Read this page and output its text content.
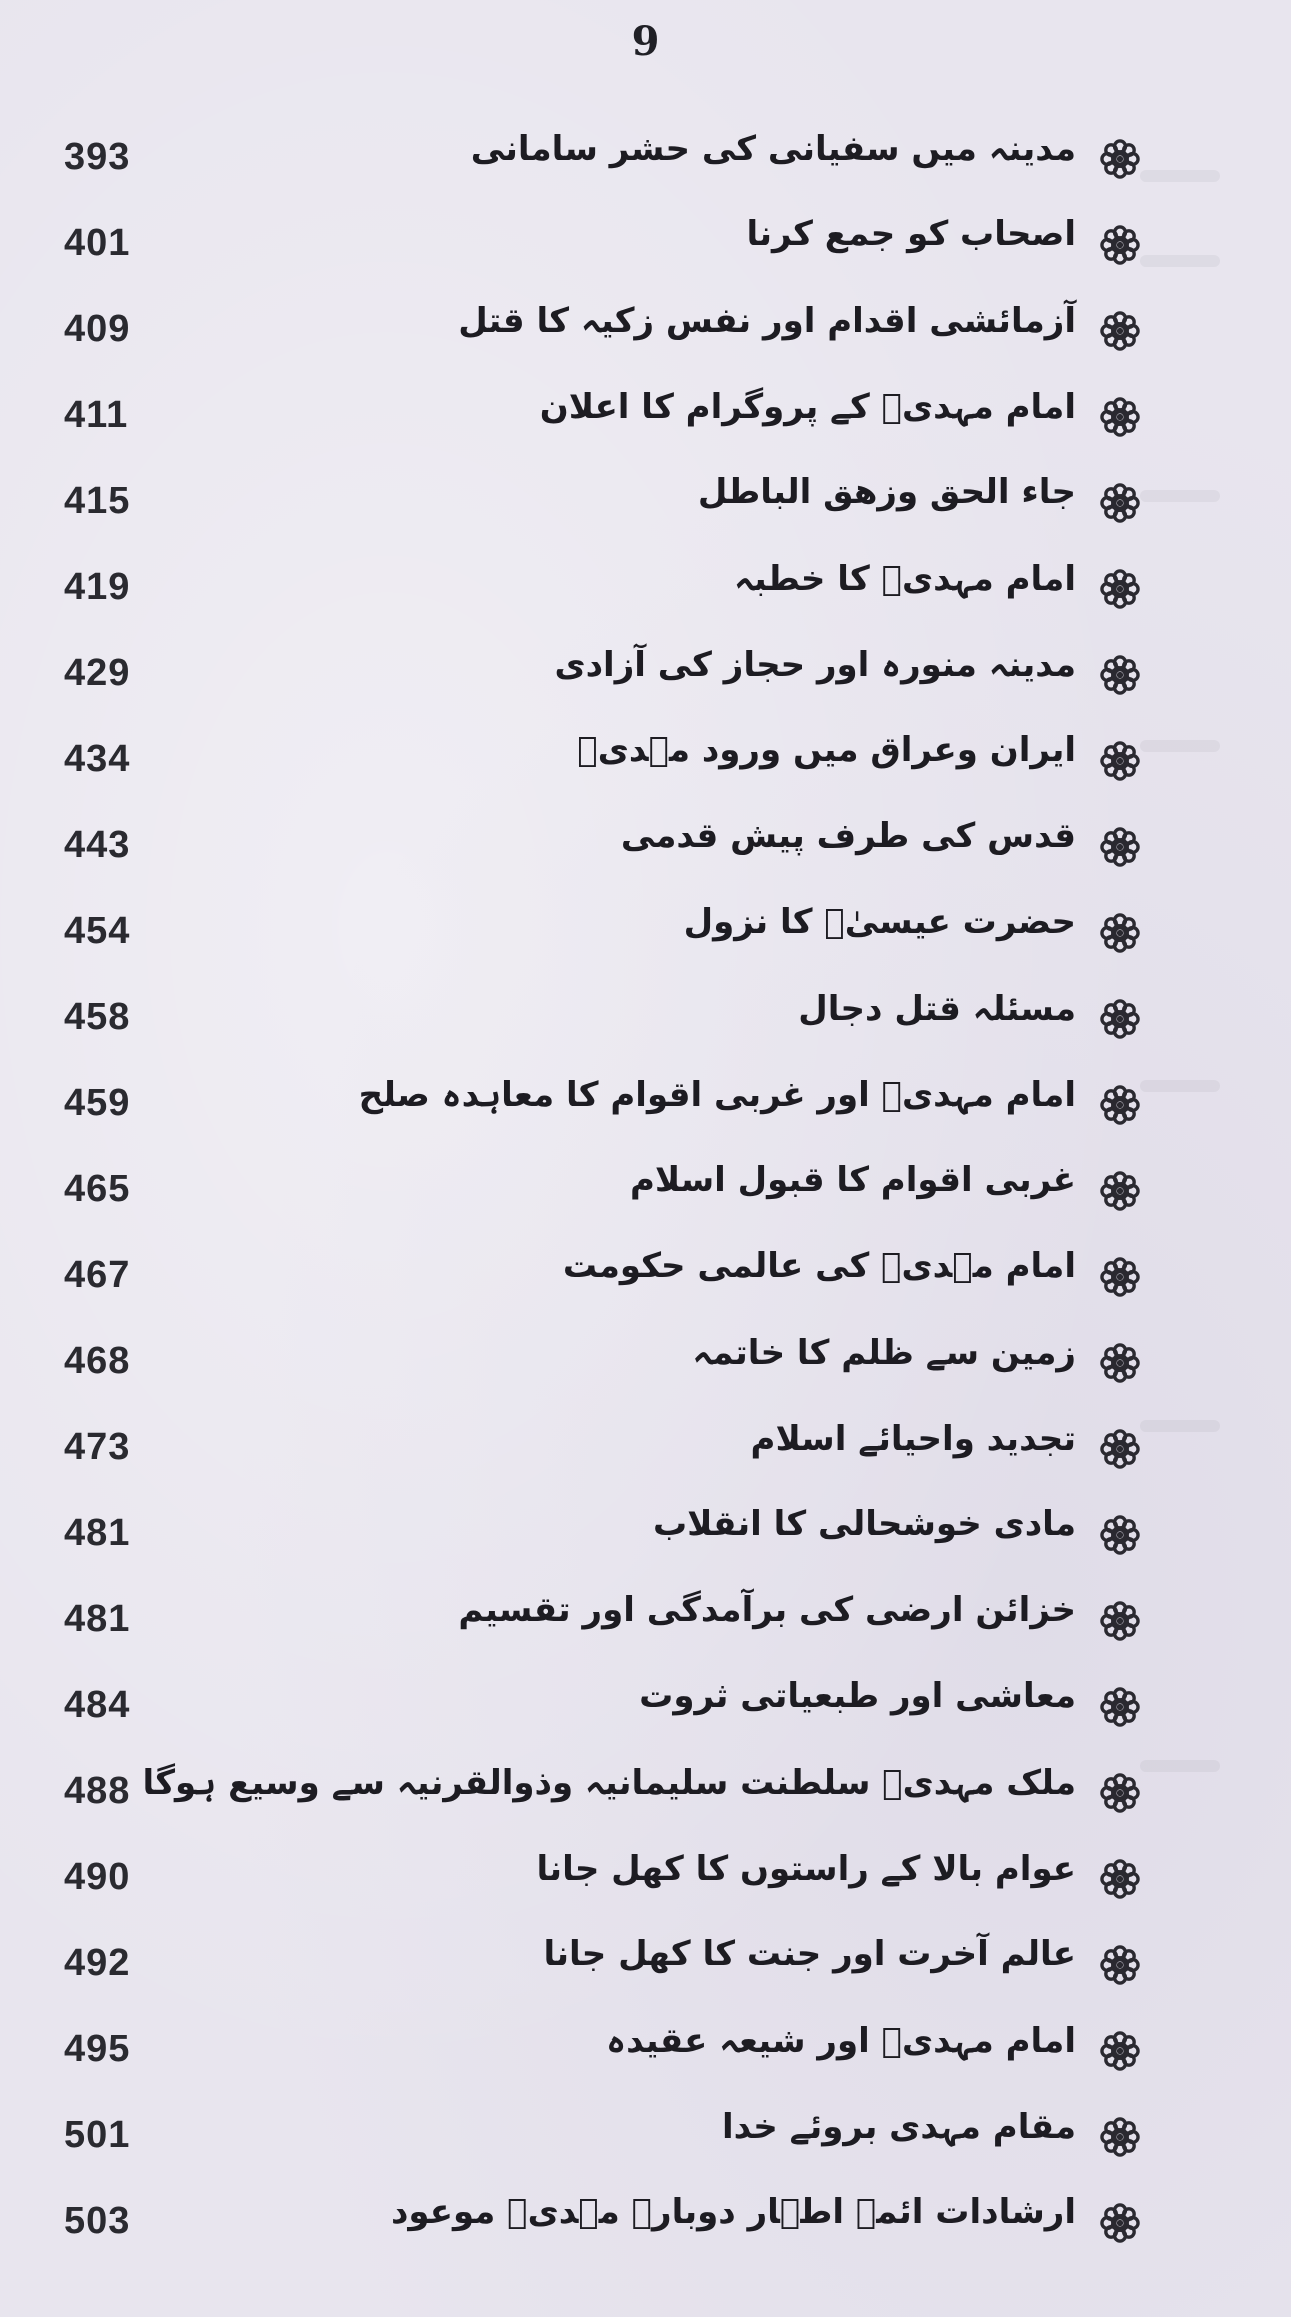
9
393	مدینہ میں سفیانی کی حشر سامانی
401	اصحاب کو جمع کرنا
409	آزمائشی اقدام اور نفس زکیہ کا قتل
411	امام مہدیؑ کے پروگرام کا اعلان
415	جاء الحق وزھق الباطل
419	امام مہدیؑ کا خطبہ
429	مدینہ منورہ اور حجاز کی آزادی
434	ایران وعراق میں ورود مہدیؑ
443	قدس کی طرف پیش قدمی
454	حضرت عیسیٰؑ کا نزول
458	مسئلہ قتل دجال
459	امام مہدیؑ اور غربی اقوام کا معاہدہ صلح
465	غربی اقوام کا قبول اسلام
467	امام مہدیؑ کی عالمی حکومت
468	زمین سے ظلم کا خاتمہ
473	تجدید واحیائے اسلام
481	مادی خوشحالی کا انقلاب
481	خزائن ارضی کی برآمدگی اور تقسیم
484	معاشی اور طبعیاتی ثروت
488 ملک مہدیؑ سلطنت سلیمانیہ وذوالقرنیہ سے وسیع ہوگا
490	عوام بالا کے راستوں کا کھل جانا
492	عالم آخرت اور جنت کا کھل جانا
495	امام مہدیؑ اور شیعہ عقیدہ
501	مقام مہدی بروئے خدا
503	ارشادات ائمہ اطہار دوبارہ مہدیؑ موعود
